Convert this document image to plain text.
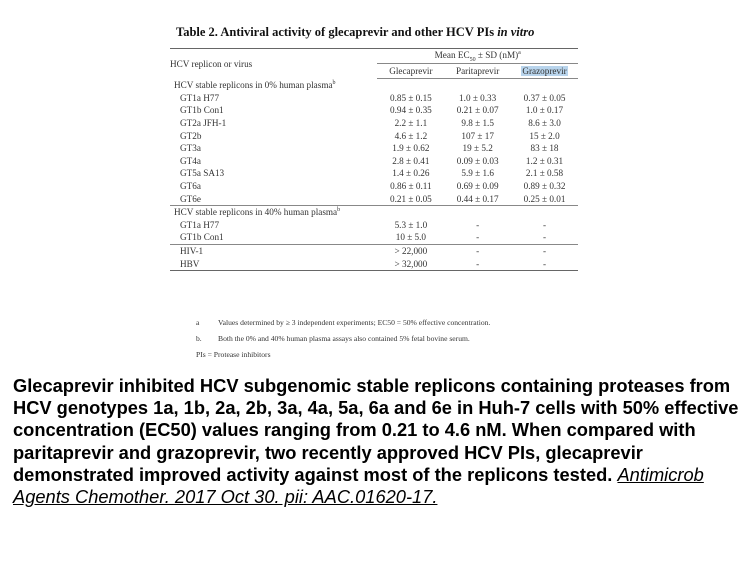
Table 2. Antiviral activity of glecaprevir and other HCV PIs in vitro
HCV replicon or virus	Mean $EC_{50}$ ± SD (nM)$^a$
	Glecaprevir	Paritaprevir	Grazoprevir
HCV stable replicons in 0% human plasma$^b$
GT1a H77	0.85 ± 0.15	1.0 ± 0.33	0.37 ± 0.05
GT1b Con1	0.94 ± 0.35	0.21 ± 0.07	1.0 ± 0.17
GT2a JFH-1	2.2 ± 1.1	9.8 ± 1.5	8.6 ± 3.0
GT2b	4.6 ± 1.2	107 ± 17	15 ± 2.0
GT3a	1.9 ± 0.62	19 ± 5.2	83 ± 18
GT4a	2.8 ± 0.41	0.09 ± 0.03	1.2 ± 0.31
GT5a SA13	1.4 ± 0.26	5.9 ± 1.6	2.1 ± 0.58
GT6a	0.86 ± 0.11	0.69 ± 0.09	0.89 ± 0.32
GT6e	0.21 ± 0.05	0.44 ± 0.17	0.25 ± 0.01
HCV stable replicons in 40% human plasma$^b$
GT1a H77	5.3 ± 1.0	-	-
GT1b Con1	10 ± 5.0	-	-
HIV-1	> 22,000	-	-
HBV	> 32,000	-	-
a	Values determined by ≥ 3 independent experiments; EC50 = 50% effective concentration.
b.	Both the 0% and 40% human plasma assays also contained 5% fetal bovine serum.
PIs = Protease inhibitors
Glecaprevir inhibited HCV subgenomic stable replicons containing proteases from HCV genotypes 1a, 1b, 2a, 2b, 3a, 4a, 5a, 6a and 6e in Huh-7 cells with 50% effective concentration (EC50) values ranging from 0.21 to 4.6 nM. When compared with paritaprevir and grazoprevir, two recently approved HCV PIs, glecaprevir demonstrated improved activity against most of the replicons tested. Antimicrob Agents Chemother. 2017 Oct 30. pii: AAC.01620-17.
